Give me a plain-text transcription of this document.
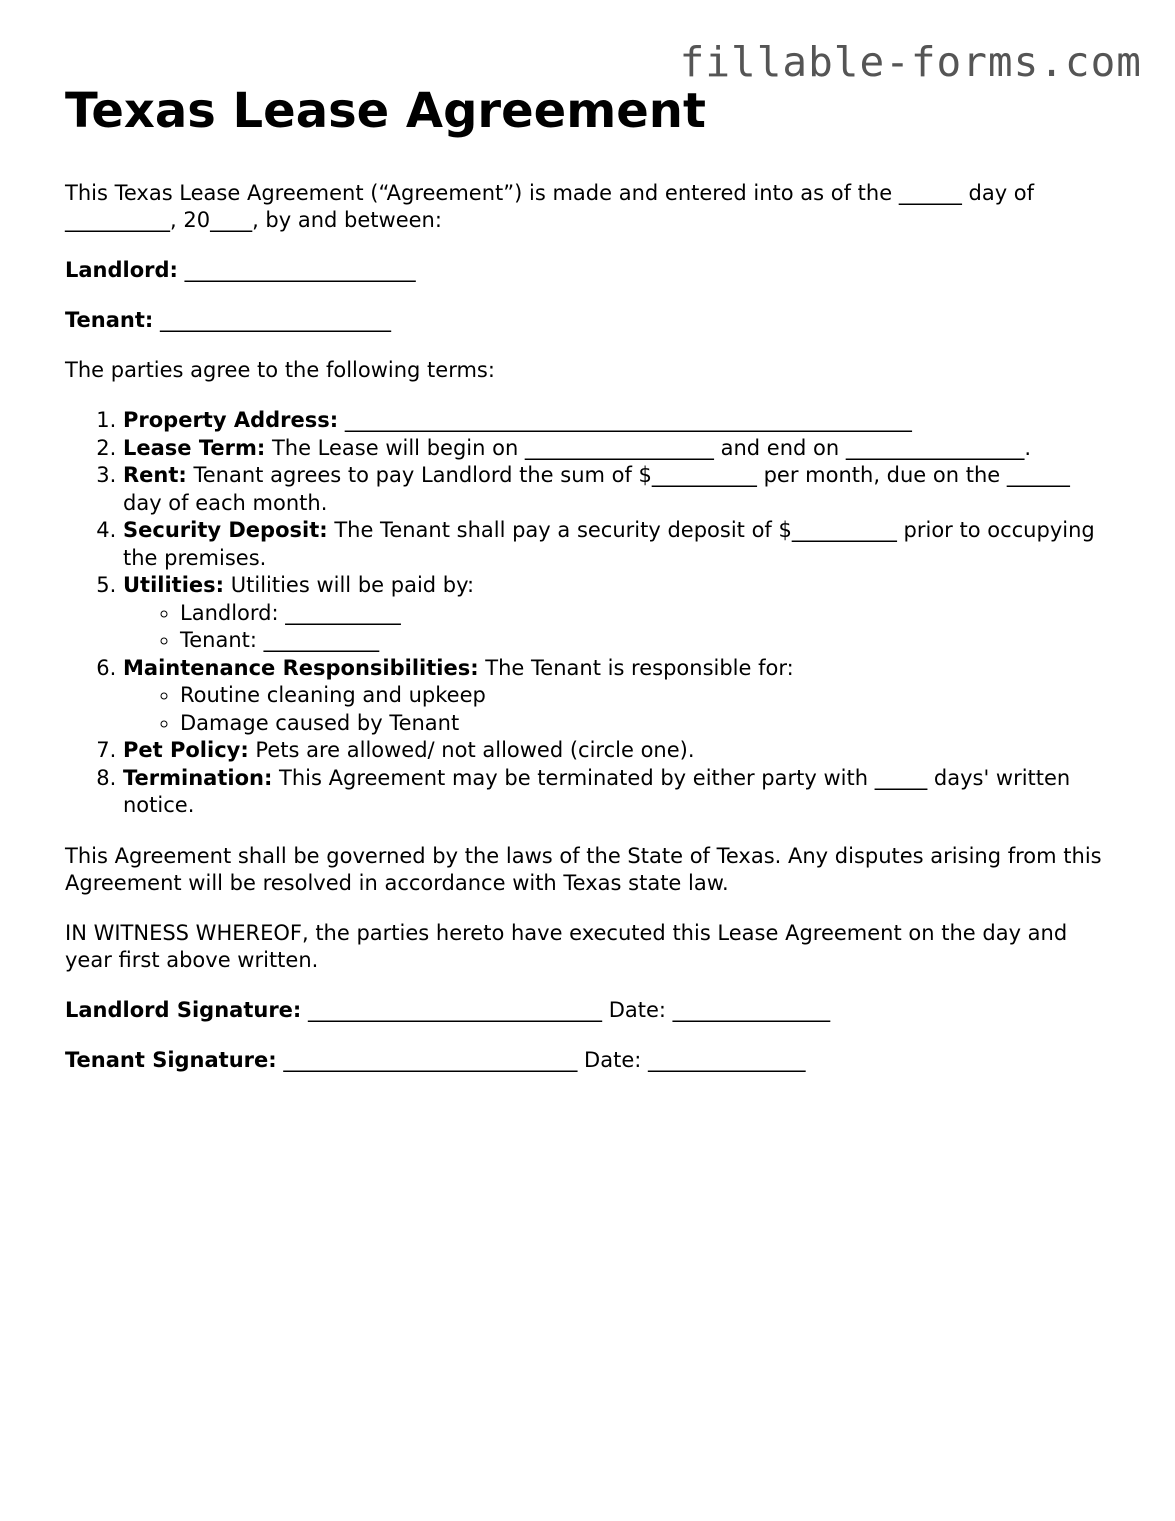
fillable-forms.com
Texas Lease Agreement

This Texas Lease Agreement (“Agreement”) is made and entered into as of the ______ day of __________, 20____, by and between:

Landlord: ______________________

Tenant: ______________________

The parties agree to the following terms:

1. Property Address: ______________________________________________________
2. Lease Term: The Lease will begin on __________________ and end on _________________.
3. Rent: Tenant agrees to pay Landlord the sum of $__________ per month, due on the ______ day of each month.
4. Security Deposit: The Tenant shall pay a security deposit of $__________ prior to occupying the premises.
5. Utilities: Utilities will be paid by:
◦ Landlord: ___________
◦ Tenant: ___________
6. Maintenance Responsibilities: The Tenant is responsible for:
◦ Routine cleaning and upkeep
◦ Damage caused by Tenant
7. Pet Policy: Pets are allowed/ not allowed (circle one).
8. Termination: This Agreement may be terminated by either party with _____ days' written notice.

This Agreement shall be governed by the laws of the State of Texas. Any disputes arising from this Agreement will be resolved in accordance with Texas state law.

IN WITNESS WHEREOF, the parties hereto have executed this Lease Agreement on the day and year first above written.

Landlord Signature: ____________________________ Date: _______________

Tenant Signature: ____________________________ Date: _______________
